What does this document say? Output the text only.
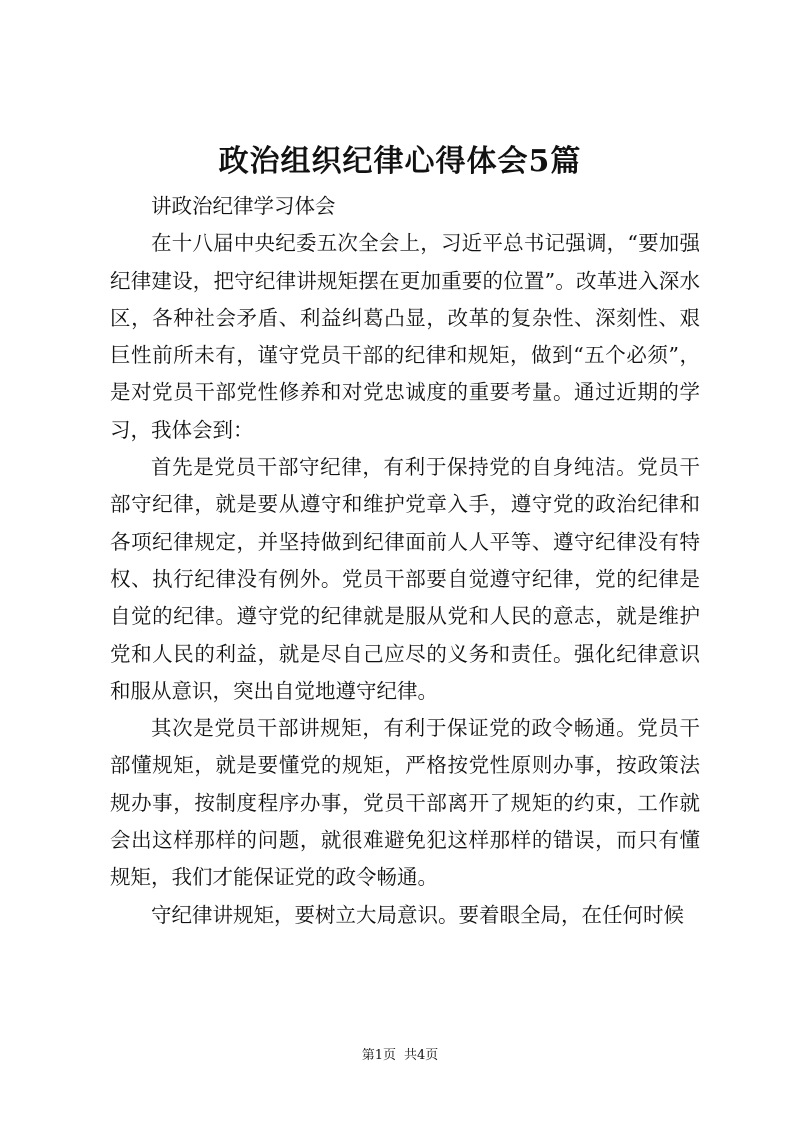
政治组织纪律心得体会5篇

讲政治纪律学习体会

在十八届中央纪委五次全会上，习近平总书记强调，“要加强纪律建设，把守纪律讲规矩摆在更加重要的位置”。改革进入深水区，各种社会矛盾、利益纠葛凸显，改革的复杂性、深刻性、艰巨性前所未有，谨守党员干部的纪律和规矩，做到“五个必须”，是对党员干部党性修养和对党忠诚度的重要考量。通过近期的学习，我体会到：

首先是党员干部守纪律，有利于保持党的自身纯洁。党员干部守纪律，就是要从遵守和维护党章入手，遵守党的政治纪律和各项纪律规定，并坚持做到纪律面前人人平等、遵守纪律没有特权、执行纪律没有例外。党员干部要自觉遵守纪律，党的纪律是自觉的纪律。遵守党的纪律就是服从党和人民的意志，就是维护党和人民的利益，就是尽自己应尽的义务和责任。强化纪律意识和服从意识，突出自觉地遵守纪律。

其次是党员干部讲规矩，有利于保证党的政令畅通。党员干部懂规矩，就是要懂党的规矩，严格按党性原则办事，按政策法规办事，按制度程序办事，党员干部离开了规矩的约束，工作就会出这样那样的问题，就很难避免犯这样那样的错误，而只有懂规矩，我们才能保证党的政令畅通。

守纪律讲规矩，要树立大局意识。要着眼全局，在任何时候

第1页 共4页
